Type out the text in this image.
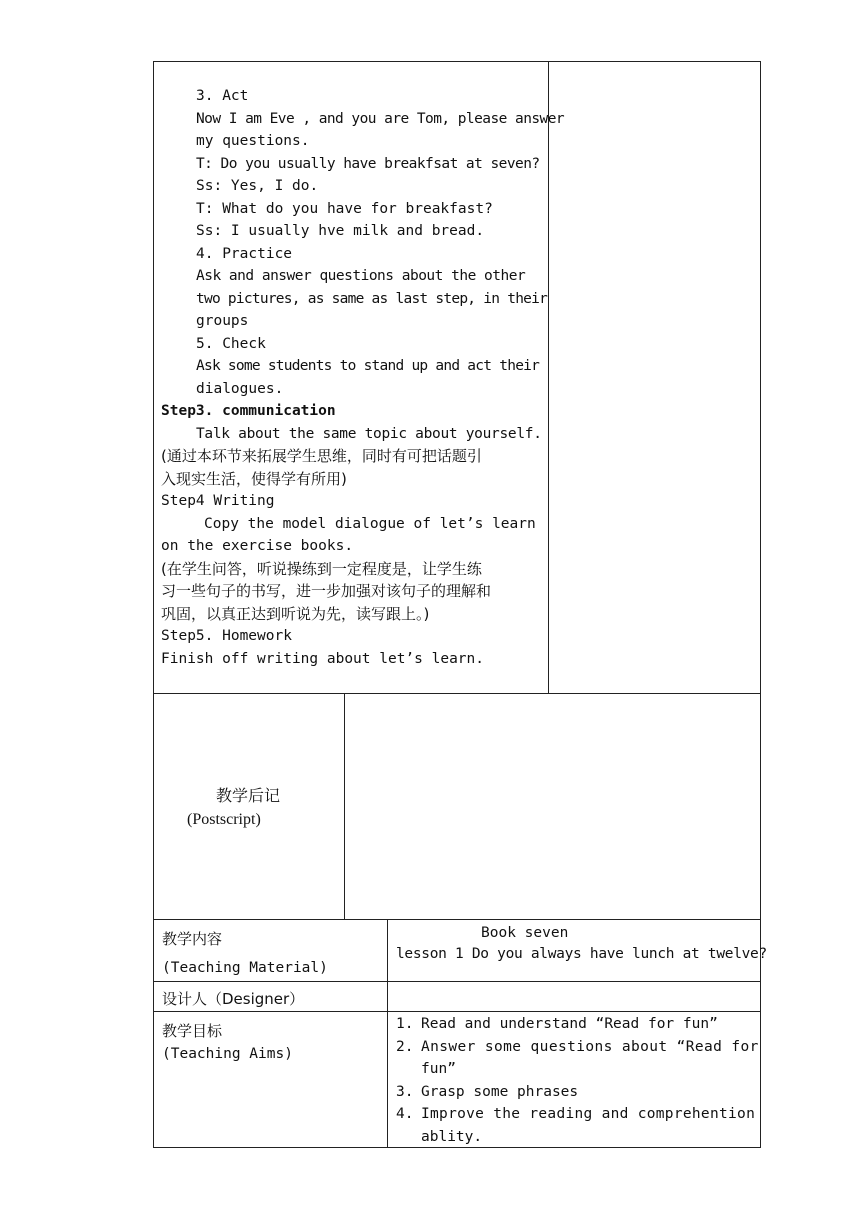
3. Act
Now I am Eve , and you are Tom, please answer
my questions.
T: Do you usually have breakfsat at seven?
Ss: Yes, I do.
T: What do you have for breakfast?
Ss: I usually hve milk and bread.
4. Practice
Ask and answer questions about the other
two pictures, as same as last step, in their
groups
5. Check
Ask some students to stand up and act their
dialogues.
Step3. communication
Talk about the same topic about yourself.
(通过本环节来拓展学生思维，同时有可把话题引
入现实生活，使得学有所用)
Step4 Writing
Copy the model dialogue of let’s learn
on the exercise books.
(在学生问答，听说操练到一定程度是，让学生练
习一些句子的书写，进一步加强对该句子的理解和
巩固，以真正达到听说为先，读写跟上。)
Step5. Homework
Finish off writing about let’s learn.
教学后记
(Postscript)
教学内容
(Teaching Material)
Book seven
lesson 1 Do you always have lunch at twelve?
设计人（Designer）
教学目标
(Teaching Aims)
1. Read and understand “Read for fun”
2. Answer some questions about “Read for
fun”
3. Grasp some phrases
4. Improve the reading and comprehention
ablity.
